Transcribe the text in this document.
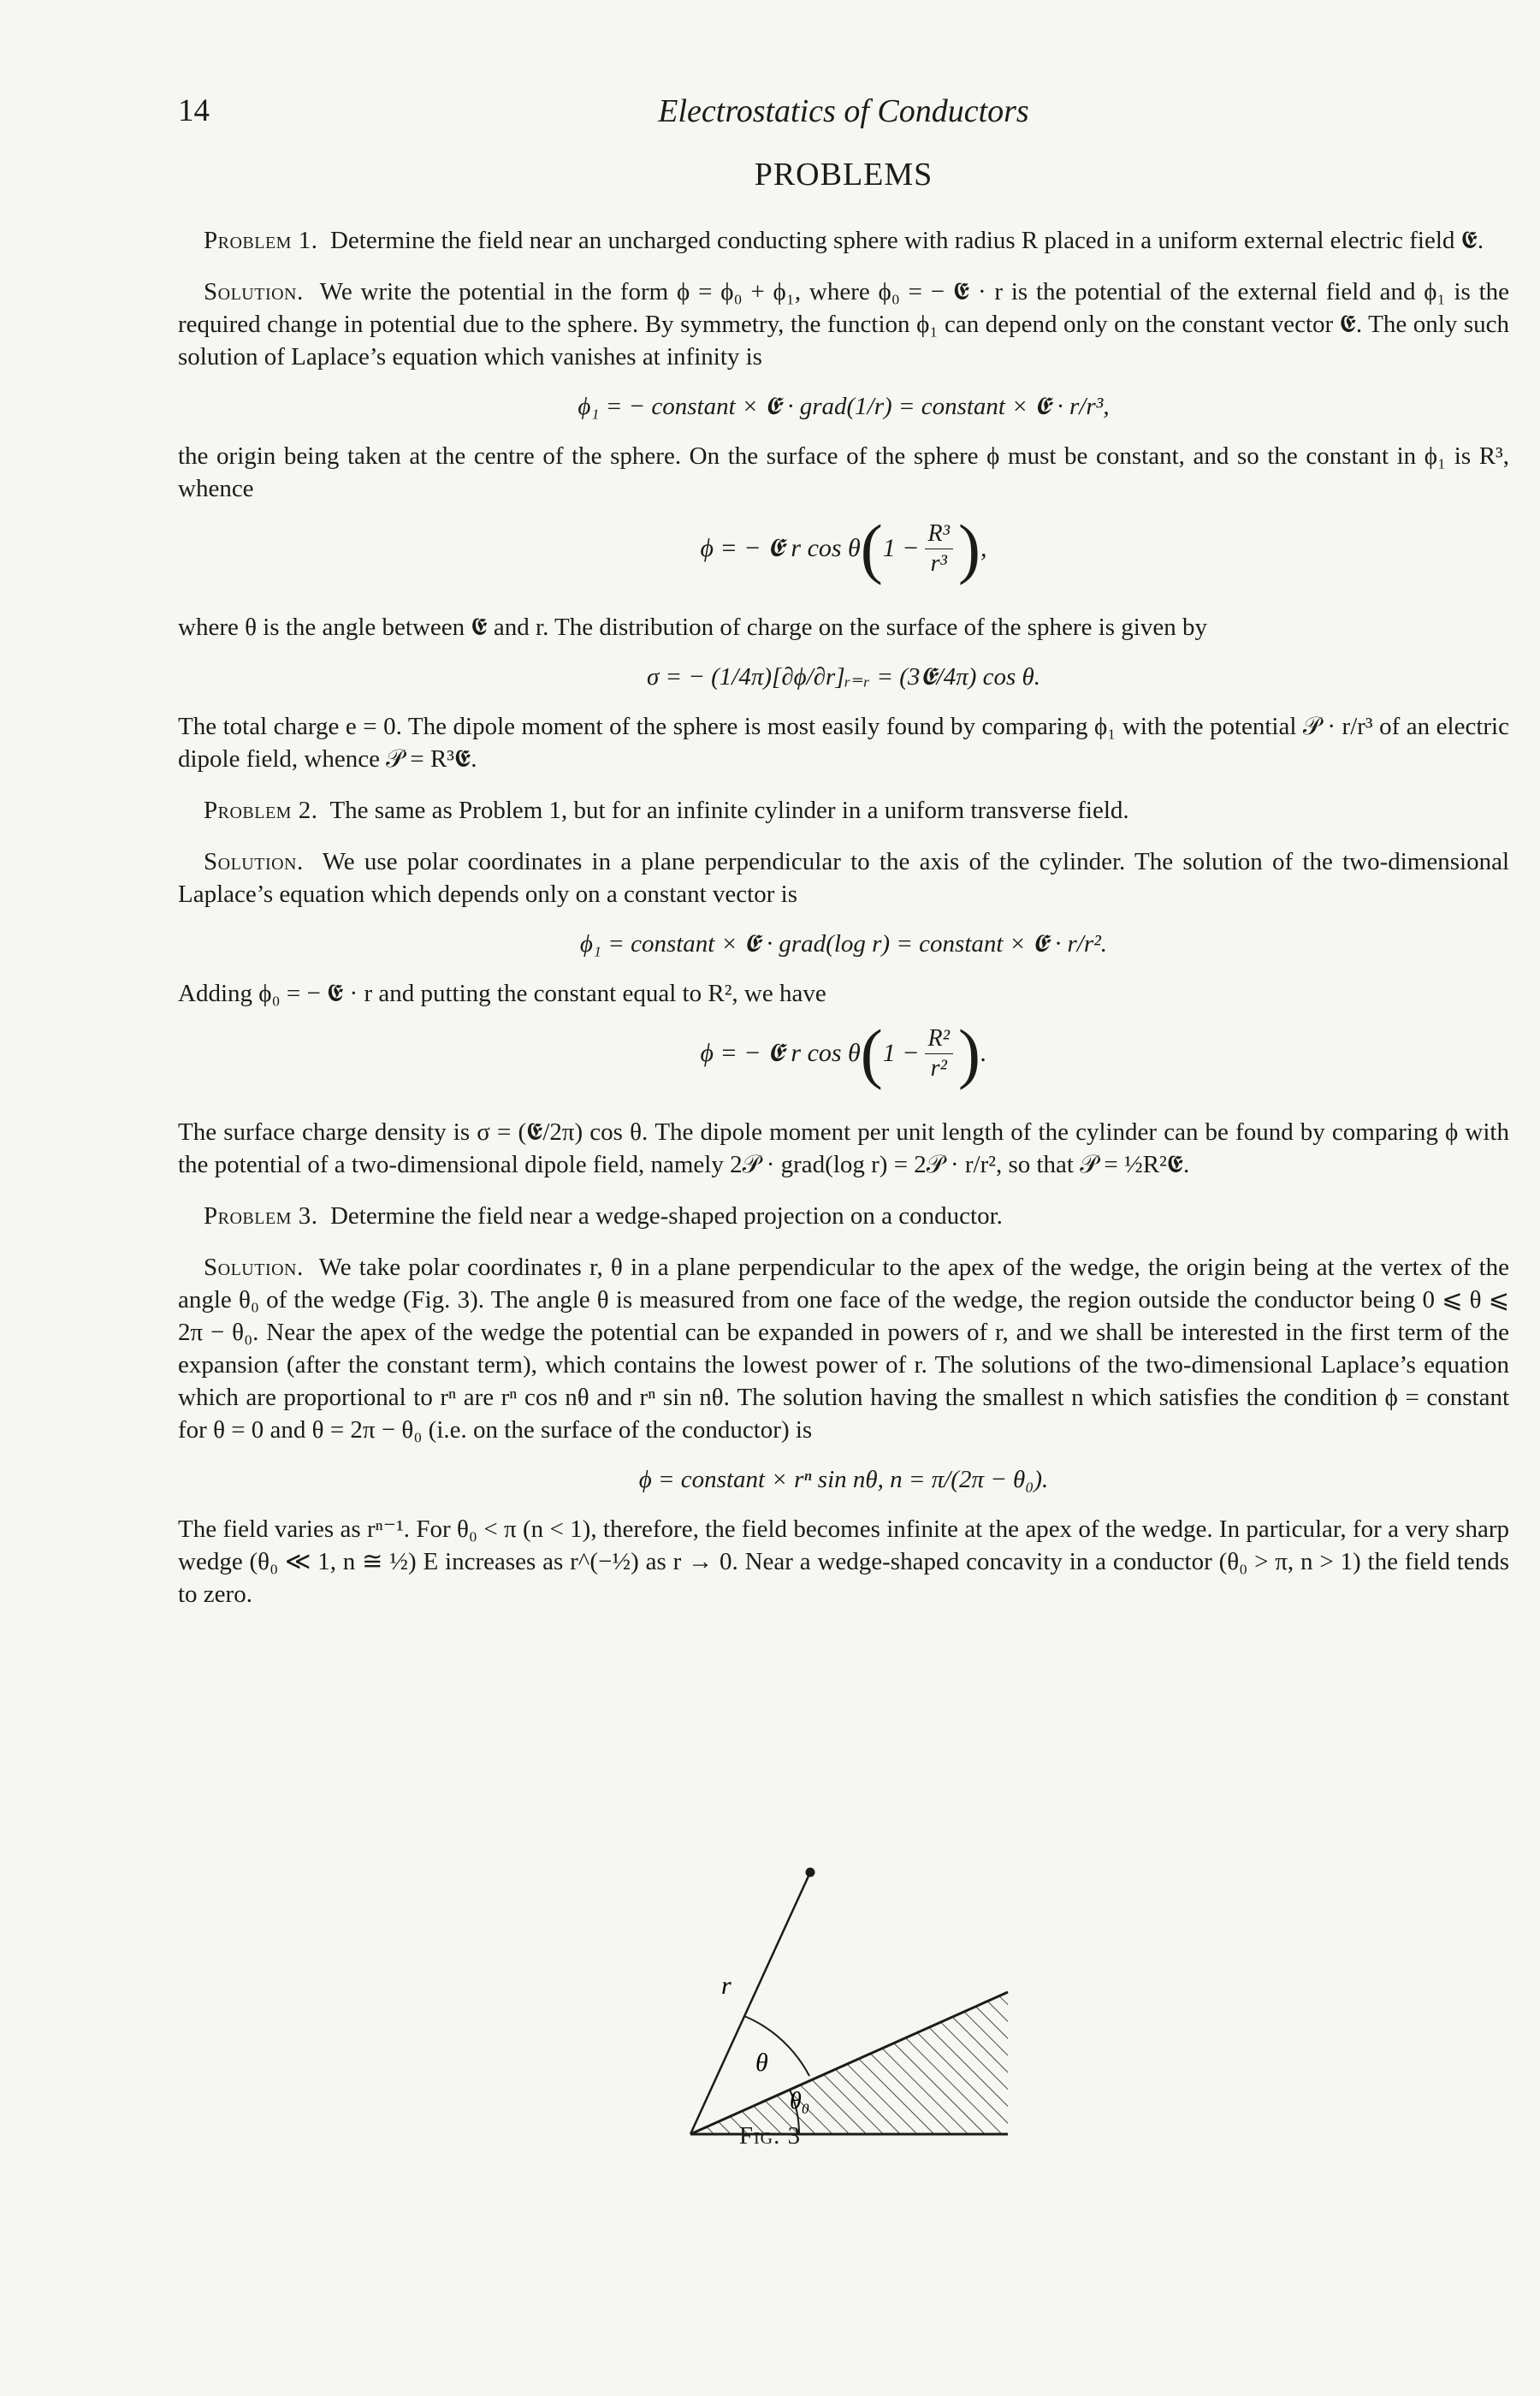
14	Electrostatics of Conductors
PROBLEMS

Problem 1. Determine the field near an uncharged conducting sphere with radius R placed in a uniform external electric field 𝕰.

Solution. We write the potential in the form ϕ = ϕ₀ + ϕ₁, where ϕ₀ = − 𝕰 · r is the potential of the external field and ϕ₁ is the required change in potential due to the sphere. By symmetry, the function ϕ₁ can depend only on the constant vector 𝕰. The only such solution of Laplace’s equation which vanishes at infinity is

ϕ₁ = − constant × 𝕰 · grad(1/r) = constant × 𝕰 · r/r³,

the origin being taken at the centre of the sphere. On the surface of the sphere ϕ must be constant, and so the constant in ϕ₁ is R³, whence

ϕ = − 𝕰 r cos θ ( $1 - \frac{\text{R³}}{\text{r³}}$ ) ,

where θ is the angle between 𝕰 and r. The distribution of charge on the surface of the sphere is given by

σ = − (1/4π)[∂ϕ/∂r]ᵣ₌ᵣ = (3𝕰/4π) cos θ.

The total charge e = 0. The dipole moment of the sphere is most easily found by comparing ϕ₁ with the potential 𝒫 · r/r³ of an electric dipole field, whence 𝒫 = R³𝕰.

Problem 2. The same as Problem 1, but for an infinite cylinder in a uniform transverse field.

Solution. We use polar coordinates in a plane perpendicular to the axis of the cylinder. The solution of the two-dimensional Laplace’s equation which depends only on a constant vector is

ϕ₁ = constant × 𝕰 · grad(log r) = constant × 𝕰 · r/r².

Adding ϕ₀ = − 𝕰 · r and putting the constant equal to R², we have

ϕ = − 𝕰 r cos θ ( $1 - \frac{\text{R²}}{\text{r²}}$ ) .

The surface charge density is σ = (𝕰/2π) cos θ. The dipole moment per unit length of the cylinder can be found by comparing ϕ with the potential of a two-dimensional dipole field, namely 2𝒫 · grad(log r) = 2𝒫 · r/r², so that 𝒫 = ½R²𝕰.

Problem 3. Determine the field near a wedge-shaped projection on a conductor.

Solution. We take polar coordinates r, θ in a plane perpendicular to the apex of the wedge, the origin being at the vertex of the angle θ₀ of the wedge (Fig. 3). The angle θ is measured from one face of the wedge, the region outside the conductor being 0 ⩽ θ ⩽ 2π − θ₀. Near the apex of the wedge the potential can be expanded in powers of r, and we shall be interested in the first term of the expansion (after the constant term), which contains the lowest power of r. The solutions of the two-dimensional Laplace’s equation which are proportional to rⁿ are rⁿ cos nθ and rⁿ sin nθ. The solution having the smallest n which satisfies the condition ϕ = constant for θ = 0 and θ = 2π − θ₀ (i.e. on the surface of the conductor) is

ϕ = constant × rⁿ sin nθ, n = π/(2π − θ₀).

The field varies as rⁿ⁻¹. For θ₀ < π (n < 1), therefore, the field becomes infinite at the apex of the wedge. In particular, for a very sharp wedge (θ₀ ≪ 1, n ≅ ½) E increases as r^(−½) as r → 0. Near a wedge-shaped concavity in a conductor (θ₀ > π, n > 1) the field tends to zero.

r
θ
θ₀
Fig. 3
